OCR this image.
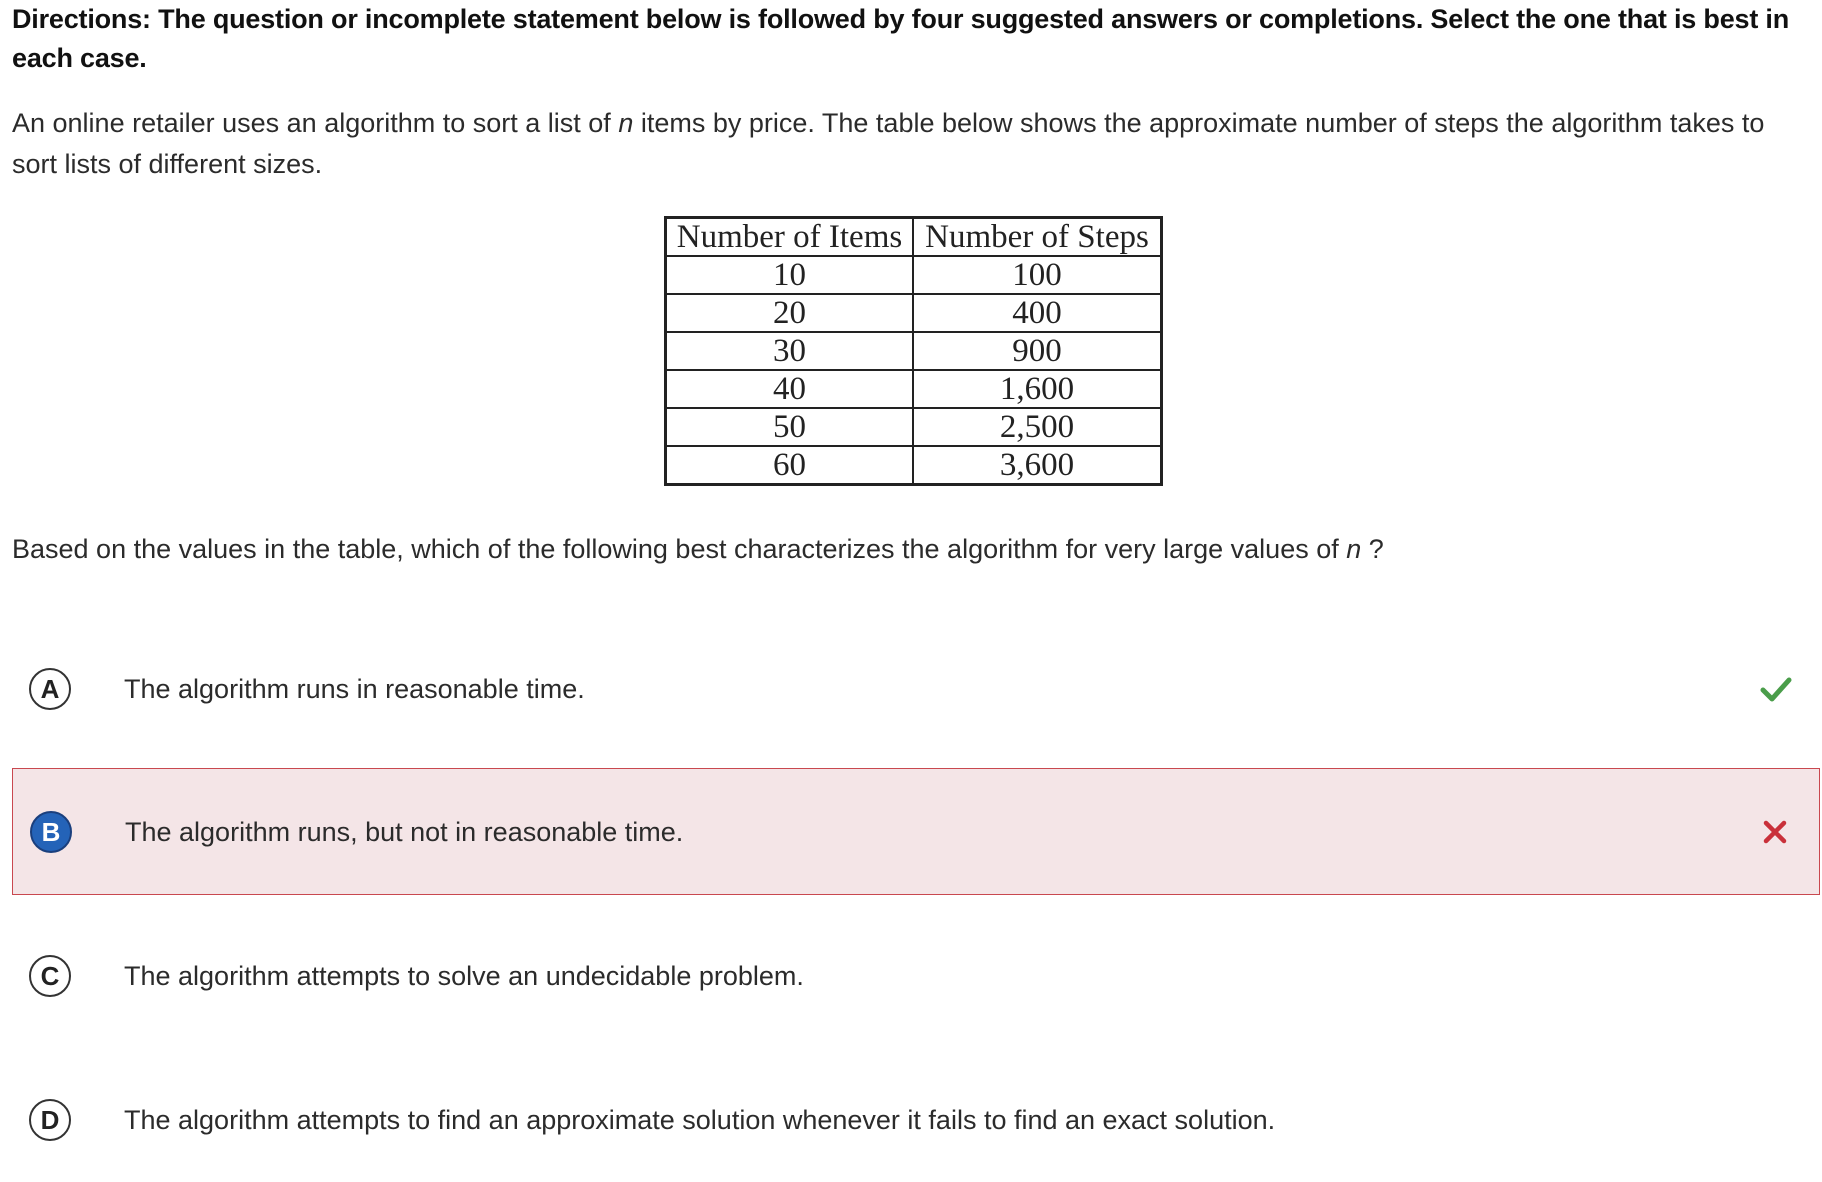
Directions: The question or incomplete statement below is followed by four suggested answers or completions. Select the one that is best in each case.
An online retailer uses an algorithm to sort a list of n items by price. The table below shows the approximate number of steps the algorithm takes to sort lists of different sizes.
Number of Items	Number of Steps
10	100
20	400
30	900
40	1,600
50	2,500
60	3,600
Based on the values in the table, which of the following best characterizes the algorithm for very large values of n ?
A	The algorithm runs in reasonable time.
B	The algorithm runs, but not in reasonable time.
C	The algorithm attempts to solve an undecidable problem.
D	The algorithm attempts to find an approximate solution whenever it fails to find an exact solution.
